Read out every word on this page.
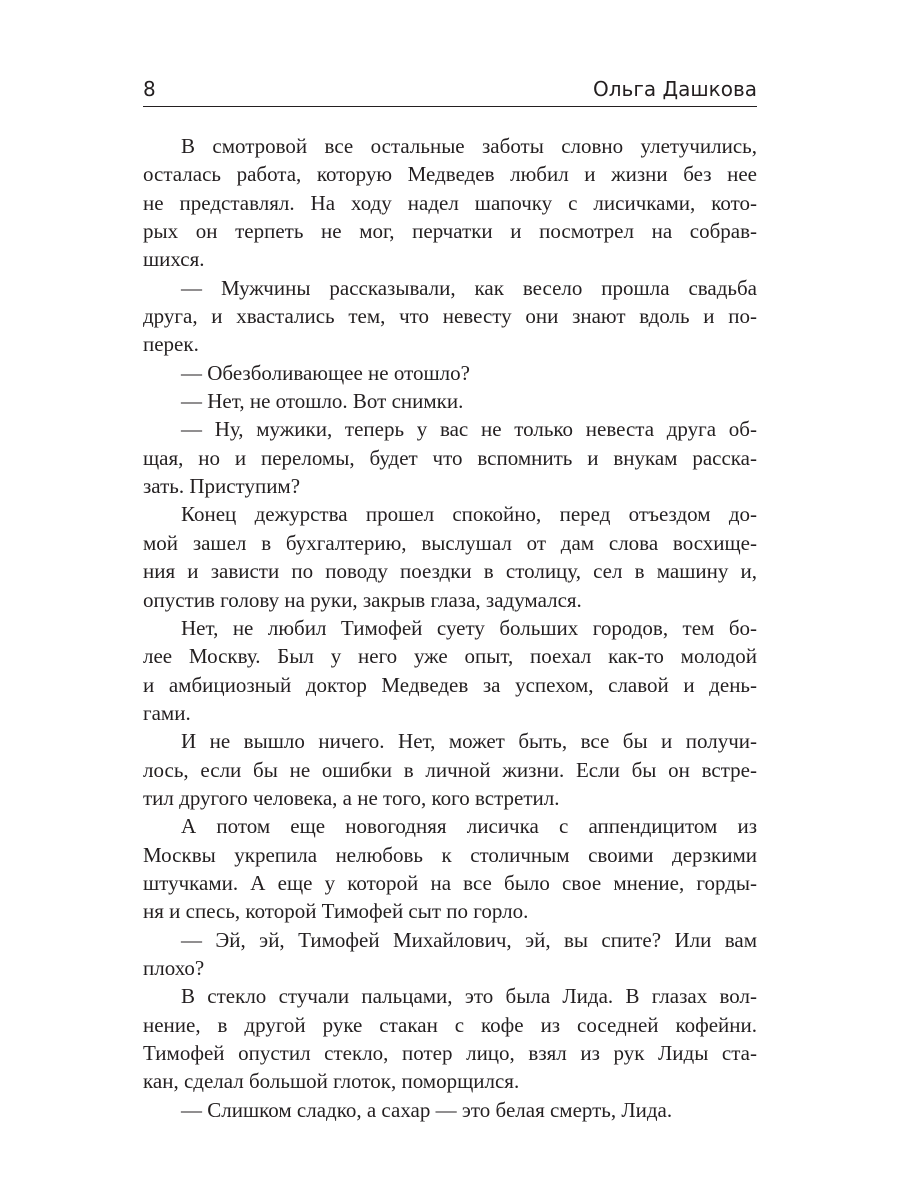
8	Ольга Дашкова
В смотровой все остальные заботы словно улетучились,
осталась работа, которую Медведев любил и жизни без нее
не представлял. На ходу надел шапочку с лисичками, кото-
рых он терпеть не мог, перчатки и посмотрел на собрав-
шихся.
— Мужчины рассказывали, как весело прошла свадьба
друга, и хвастались тем, что невесту они знают вдоль и по-
перек.
— Обезболивающее не отошло?
— Нет, не отошло. Вот снимки.
— Ну, мужики, теперь у вас не только невеста друга об-
щая, но и переломы, будет что вспомнить и внукам расска-
зать. Приступим?
Конец дежурства прошел спокойно, перед отъездом до-
мой зашел в бухгалтерию, выслушал от дам слова восхище-
ния и зависти по поводу поездки в столицу, сел в машину и,
опустив голову на руки, закрыв глаза, задумался.
Нет, не любил Тимофей суету больших городов, тем бо-
лее Москву. Был у него уже опыт, поехал как-то молодой
и амбициозный доктор Медведев за успехом, славой и день-
гами.
И не вышло ничего. Нет, может быть, все бы и получи-
лось, если бы не ошибки в личной жизни. Если бы он встре-
тил другого человека, а не того, кого встретил.
А потом еще новогодняя лисичка с аппендицитом из
Москвы укрепила нелюбовь к столичным своими дерзкими
штучками. А еще у которой на все было свое мнение, горды-
ня и спесь, которой Тимофей сыт по горло.
— Эй, эй, Тимофей Михайлович, эй, вы спите? Или вам
плохо?
В стекло стучали пальцами, это была Лида. В глазах вол-
нение, в другой руке стакан с кофе из соседней кофейни.
Тимофей опустил стекло, потер лицо, взял из рук Лиды ста-
кан, сделал большой глоток, поморщился.
— Слишком сладко, а сахар — это белая смерть, Лида.
